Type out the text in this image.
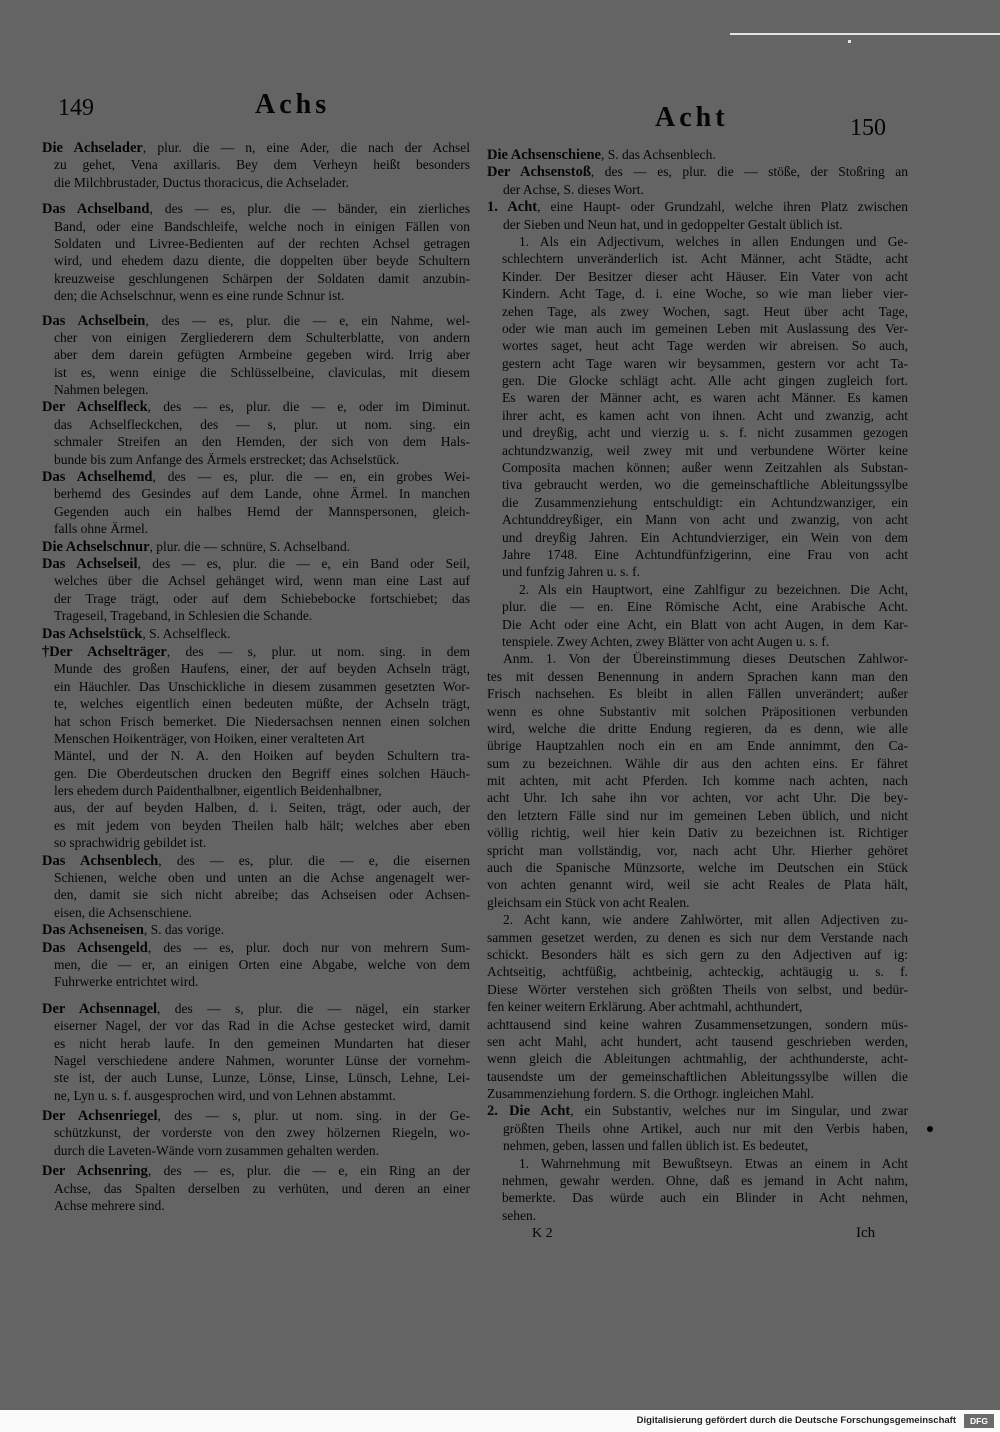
149	Achs	Acht	150
Die Achselader, plur. die — n, eine Ader, die nach der Achsel
zu gehet, Vena axillaris. Bey dem Verheyn heißt besonders
die Milchbrustader, Ductus thoracicus, die Achselader.
Das Achselband, des — es, plur. die — bänder, ein zierliches
Band, oder eine Bandschleife, welche noch in einigen Fällen von
Soldaten und Livree-Bedienten auf der rechten Achsel getragen
wird, und ehedem dazu diente, die doppelten über beyde Schultern
kreuzweise geschlungenen Schärpen der Soldaten damit anzubin-
den; die Achselschnur, wenn es eine runde Schnur ist.
Das Achselbein, des — es, plur. die — e, ein Nahme, wel-
cher von einigen Zergliederern dem Schulterblatte, von andern
aber dem darein gefügten Armbeine gegeben wird. Irrig aber
ist es, wenn einige die Schlüsselbeine, claviculas, mit diesem
Nahmen belegen.
Der Achselfleck, des — es, plur. die — e, oder im Diminut.
das Achselfleckchen, des — s, plur. ut nom. sing. ein
schmaler Streifen an den Hemden, der sich von dem Hals-
bunde bis zum Anfange des Ärmels erstrecket; das Achselstück.
Das Achselhemd, des — es, plur. die — en, ein grobes Wei-
berhemd des Gesindes auf dem Lande, ohne Ärmel. In manchen
Gegenden auch ein halbes Hemd der Mannspersonen, gleich-
falls ohne Ärmel.
Die Achselschnur, plur. die — schnüre, S. Achselband.
Das Achselseil, des — es, plur. die — e, ein Band oder Seil,
welches über die Achsel gehänget wird, wenn man eine Last auf
der Trage trägt, oder auf dem Schiebebocke fortschiebet; das
Trageseil, Trageband, in Schlesien die Schande.
Das Achselstück, S. Achselfleck.
†Der Achselträger, des — s, plur. ut nom. sing. in dem
Munde des großen Haufens, einer, der auf beyden Achseln trägt,
ein Häuchler. Das Unschickliche in diesem zusammen gesetzten Wor-
te, welches eigentlich einen bedeuten müßte, der Achseln trägt,
hat schon Frisch bemerket. Die Niedersachsen nennen einen solchen
Menschen Hoikenträger, von Hoiken, einer veralteten Art
Mäntel, und der N. A. den Hoiken auf beyden Schultern tra-
gen. Die Oberdeutschen drucken den Begriff eines solchen Häuch-
lers ehedem durch Paidenthalbner, eigentlich Beidenhalbner,
aus, der auf beyden Halben, d. i. Seiten, trägt, oder auch, der
es mit jedem von beyden Theilen halb hält; welches aber eben
so sprachwidrig gebildet ist.
Das Achsenblech, des — es, plur. die — e, die eisernen
Schienen, welche oben und unten an die Achse angenagelt wer-
den, damit sie sich nicht abreibe; das Achseisen oder Achsen-
eisen, die Achsenschiene.
Das Achseneisen, S. das vorige.
Das Achsengeld, des — es, plur. doch nur von mehrern Sum-
men, die — er, an einigen Orten eine Abgabe, welche von dem
Fuhrwerke entrichtet wird.
Der Achsennagel, des — s, plur. die — nägel, ein starker
eiserner Nagel, der vor das Rad in die Achse gestecket wird, damit
es nicht herab laufe. In den gemeinen Mundarten hat dieser
Nagel verschiedene andere Nahmen, worunter Lünse der vornehm-
ste ist, der auch Lunse, Lunze, Lönse, Linse, Lünsch, Lehne, Lei-
ne, Lyn u. s. f. ausgesprochen wird, und von Lehnen abstammt.
Der Achsenriegel, des — s, plur. ut nom. sing. in der Ge-
schützkunst, der vorderste von den zwey hölzernen Riegeln, wo-
durch die Laveten-Wände vorn zusammen gehalten werden.
Der Achsenring, des — es, plur. die — e, ein Ring an der
Achse, das Spalten derselben zu verhüten, und deren an einer
Achse mehrere sind.
Die Achsenschiene, S. das Achsenblech.
Der Achsenstoß, des — es, plur. die — stöße, der Stoßring an
der Achse, S. dieses Wort.
1. Acht, eine Haupt- oder Grundzahl, welche ihren Platz zwischen
der Sieben und Neun hat, und in gedoppelter Gestalt üblich ist.
1. Als ein Adjectivum, welches in allen Endungen und Ge-
schlechtern unveränderlich ist. Acht Männer, acht Städte, acht
Kinder. Der Besitzer dieser acht Häuser. Ein Vater von acht
Kindern. Acht Tage, d. i. eine Woche, so wie man lieber vier-
zehen Tage, als zwey Wochen, sagt. Heut über acht Tage,
oder wie man auch im gemeinen Leben mit Auslassung des Ver-
wortes saget, heut acht Tage werden wir abreisen. So auch,
gestern acht Tage waren wir beysammen, gestern vor acht Ta-
gen. Die Glocke schlägt acht. Alle acht gingen zugleich fort.
Es waren der Männer acht, es waren acht Männer. Es kamen
ihrer acht, es kamen acht von ihnen. Acht und zwanzig, acht
und dreyßig, acht und vierzig u. s. f. nicht zusammen gezogen
achtundzwanzig, weil zwey mit und verbundene Wörter keine
Composita machen können; außer wenn Zeitzahlen als Substan-
tiva gebraucht werden, wo die gemeinschaftliche Ableitungssylbe
die Zusammenziehung entschuldigt: ein Achtundzwanziger, ein
Achtunddreyßiger, ein Mann von acht und zwanzig, von acht
und dreyßig Jahren. Ein Achtundvierziger, ein Wein von dem
Jahre 1748. Eine Achtundfünfzigerinn, eine Frau von acht
und funfzig Jahren u. s. f.
2. Als ein Hauptwort, eine Zahlfigur zu bezeichnen. Die Acht,
plur. die — en. Eine Römische Acht, eine Arabische Acht.
Die Acht oder eine Acht, ein Blatt von acht Augen, in dem Kar-
tenspiele. Zwey Achten, zwey Blätter von acht Augen u. s. f.
Anm. 1. Von der Übereinstimmung dieses Deutschen Zahlwor-
tes mit dessen Benennung in andern Sprachen kann man den
Frisch nachsehen. Es bleibt in allen Fällen unverändert; außer
wenn es ohne Substantiv mit solchen Präpositionen verbunden
wird, welche die dritte Endung regieren, da es denn, wie alle
übrige Hauptzahlen noch ein en am Ende annimmt, den Ca-
sum zu bezeichnen. Wähle dir aus den achten eins. Er fähret
mit achten, mit acht Pferden. Ich komme nach achten, nach
acht Uhr. Ich sahe ihn vor achten, vor acht Uhr. Die bey-
den letztern Fälle sind nur im gemeinen Leben üblich, und nicht
völlig richtig, weil hier kein Dativ zu bezeichnen ist. Richtiger
spricht man vollständig, vor, nach acht Uhr. Hierher gehöret
auch die Spanische Münzsorte, welche im Deutschen ein Stück
von achten genannt wird, weil sie acht Reales de Plata hält,
gleichsam ein Stück von acht Realen.
2. Acht kann, wie andere Zahlwörter, mit allen Adjectiven zu-
sammen gesetzet werden, zu denen es sich nur dem Verstande nach
schickt. Besonders hält es sich gern zu den Adjectiven auf ig:
Achtseitig, achtfüßig, achtbeinig, achteckig, achtäugig u. s. f.
Diese Wörter verstehen sich größten Theils von selbst, und bedür-
fen keiner weitern Erklärung. Aber achtmahl, achthundert,
achttausend sind keine wahren Zusammensetzungen, sondern müs-
sen acht Mahl, acht hundert, acht tausend geschrieben werden,
wenn gleich die Ableitungen achtmahlig, der achthunderste, acht-
tausendste um der gemeinschaftlichen Ableitungssylbe willen die
Zusammenziehung fordern. S. die Orthogr. ingleichen Mahl.
2. Die Acht, ein Substantiv, welches nur im Singular, und zwar
größten Theils ohne Artikel, auch nur mit den Verbis haben,
nehmen, geben, lassen und fallen üblich ist. Es bedeutet,
1. Wahrnehmung mit Bewußtseyn. Etwas an einem in Acht
nehmen, gewahr werden. Ohne, daß es jemand in Acht nahm,
bemerkte. Das würde auch ein Blinder in Acht nehmen,
sehen.
K 2	Ich
Digitalisierung gefördert durch die Deutsche Forschungsgemeinschaft	DFG
